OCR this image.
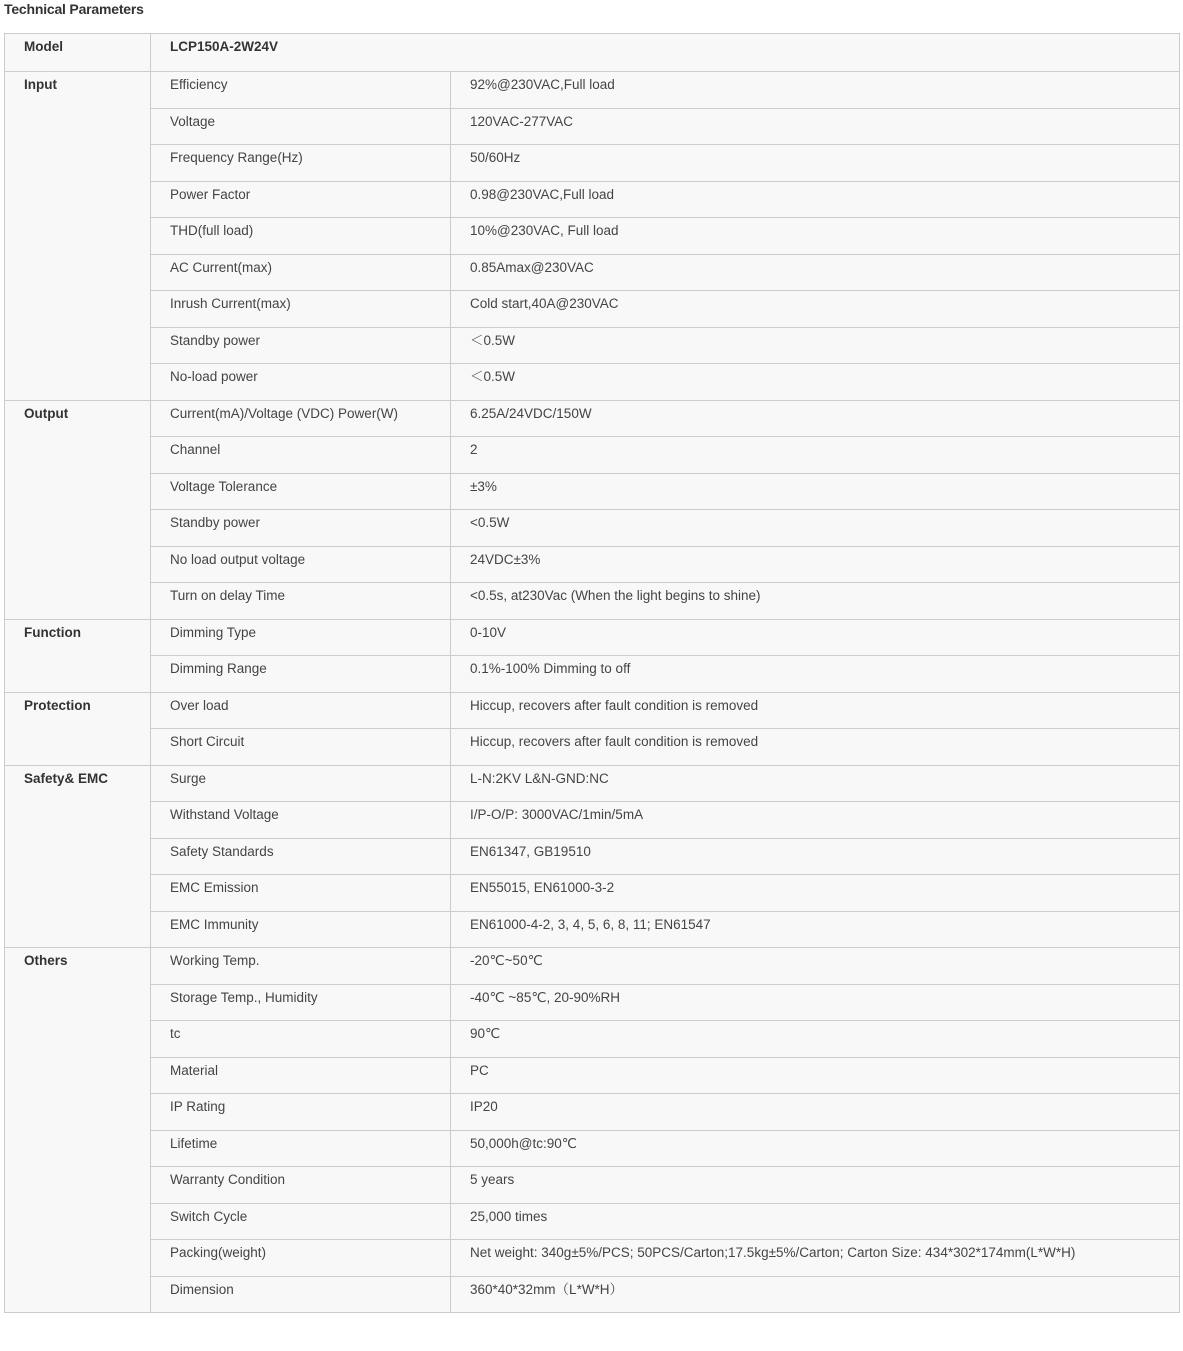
Technical Parameters
Model	LCP150A-2W24V	

Input	Efficiency	92%@230VAC,Full load

	Voltage	120VAC-277VAC

	Frequency Range(Hz)	50/60Hz

	Power Factor	0.98@230VAC,Full load

	THD(full load)	10%@230VAC, Full load

	AC Current(max)	0.85Amax@230VAC

	Inrush Current(max)	Cold start,40A@230VAC

	Standby power	＜0.5W

	No-load power	＜0.5W

Output	Current(mA)/Voltage (VDC) Power(W)	6.25A/24VDC/150W

	Channel	2

	Voltage Tolerance	±3%

	Standby power	<0.5W

	No load output voltage	24VDC±3%

	Turn on delay Time	<0.5s, at230Vac (When the light begins to shine)

Function	Dimming Type	0-10V

	Dimming Range	0.1%-100% Dimming to off

Protection	Over load	Hiccup, recovers after fault condition is removed

	Short Circuit	Hiccup, recovers after fault condition is removed

Safety& EMC	Surge	L-N:2KV L&N-GND:NC

	Withstand Voltage	I/P-O/P: 3000VAC/1min/5mA

	Safety Standards	EN61347, GB19510

	EMC Emission	EN55015, EN61000-3-2

	EMC Immunity	EN61000-4-2, 3, 4, 5, 6, 8, 11; EN61547

Others	Working Temp.	-20℃~50℃

	Storage Temp., Humidity	-40℃ ~85℃, 20-90%RH

	tc	90℃

	Material	PC

	IP Rating	IP20

	Lifetime	50,000h@tc:90℃

	Warranty Condition	5 years

	Switch Cycle	25,000 times

	Packing(weight)	Net weight: 340g±5%/PCS; 50PCS/Carton;17.5kg±5%/Carton; Carton Size: 434*302*174mm(L*W*H)

	Dimension	360*40*32mm（L*W*H）
